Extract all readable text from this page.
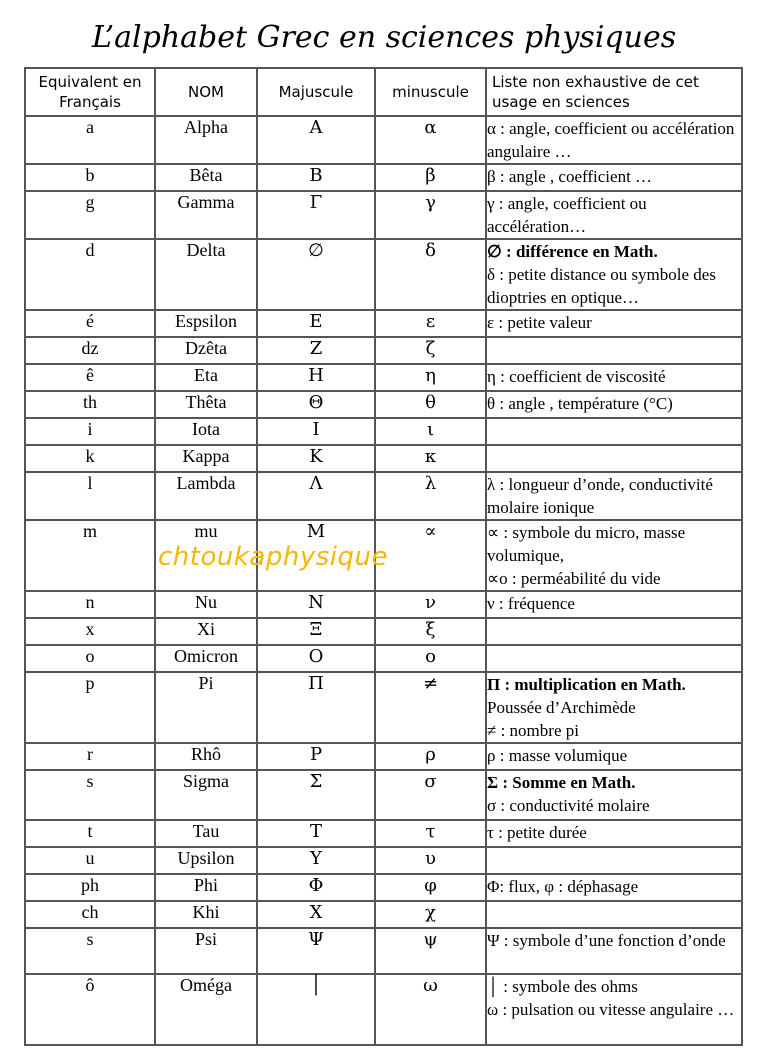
L’alphabet Grec en sciences physiques
Equivalent en Français	NOM	Majuscule	minuscule	Liste non exhaustive de cet usage en sciences
a	Alpha	Α	α	α : angle, coefficient ou accélération angulaire …

b	Bêta	Β	β	β : angle , coefficient …

g	Gamma	Γ	γ	γ : angle, coefficient ou accélération…

d	Delta	∅	δ	∅ : différence en Math.
δ : petite distance ou symbole des dioptries en optique…

é	Espsilon	Ε	ε	ε : petite valeur

dz	Dzêta	Ζ	ζ	
ê	Eta	Η	η	η : coefficient de viscosité

th	Thêta	Θ	θ	θ : angle , température (°C)

i	Iota	Ι	ι	
k	Kappa	Κ	κ	
l	Lambda	Λ	λ	λ : longueur d’onde, conductivité molaire ionique

m	mu	Μ	∝	∝ : symbole du micro, masse volumique,
∝o : perméabilité du vide

n	Nu	Ν	ν	ν : fréquence

x	Xi	Ξ	ξ	
o	Omicron	Ο	ο	
p	Pi	Π	≠	Π : multiplication en Math.
Poussée d’Archimède
≠ : nombre pi

r	Rhô	Ρ	ρ	ρ : masse volumique

s	Sigma	Σ	σ	Σ : Somme en Math.
σ : conductivité molaire

t	Tau	Τ	τ	τ : petite durée

u	Upsilon	Υ	υ	
ph	Phi	Φ	φ	Φ: flux, φ : déphasage

ch	Khi	Χ	χ	
s	Psi	Ψ	ψ	Ψ : symbole d’une fonction d’onde

ô	Oméga	│	ω	│ : symbole des ohms
ω : pulsation ou vitesse angulaire …
chtoukaphysique
